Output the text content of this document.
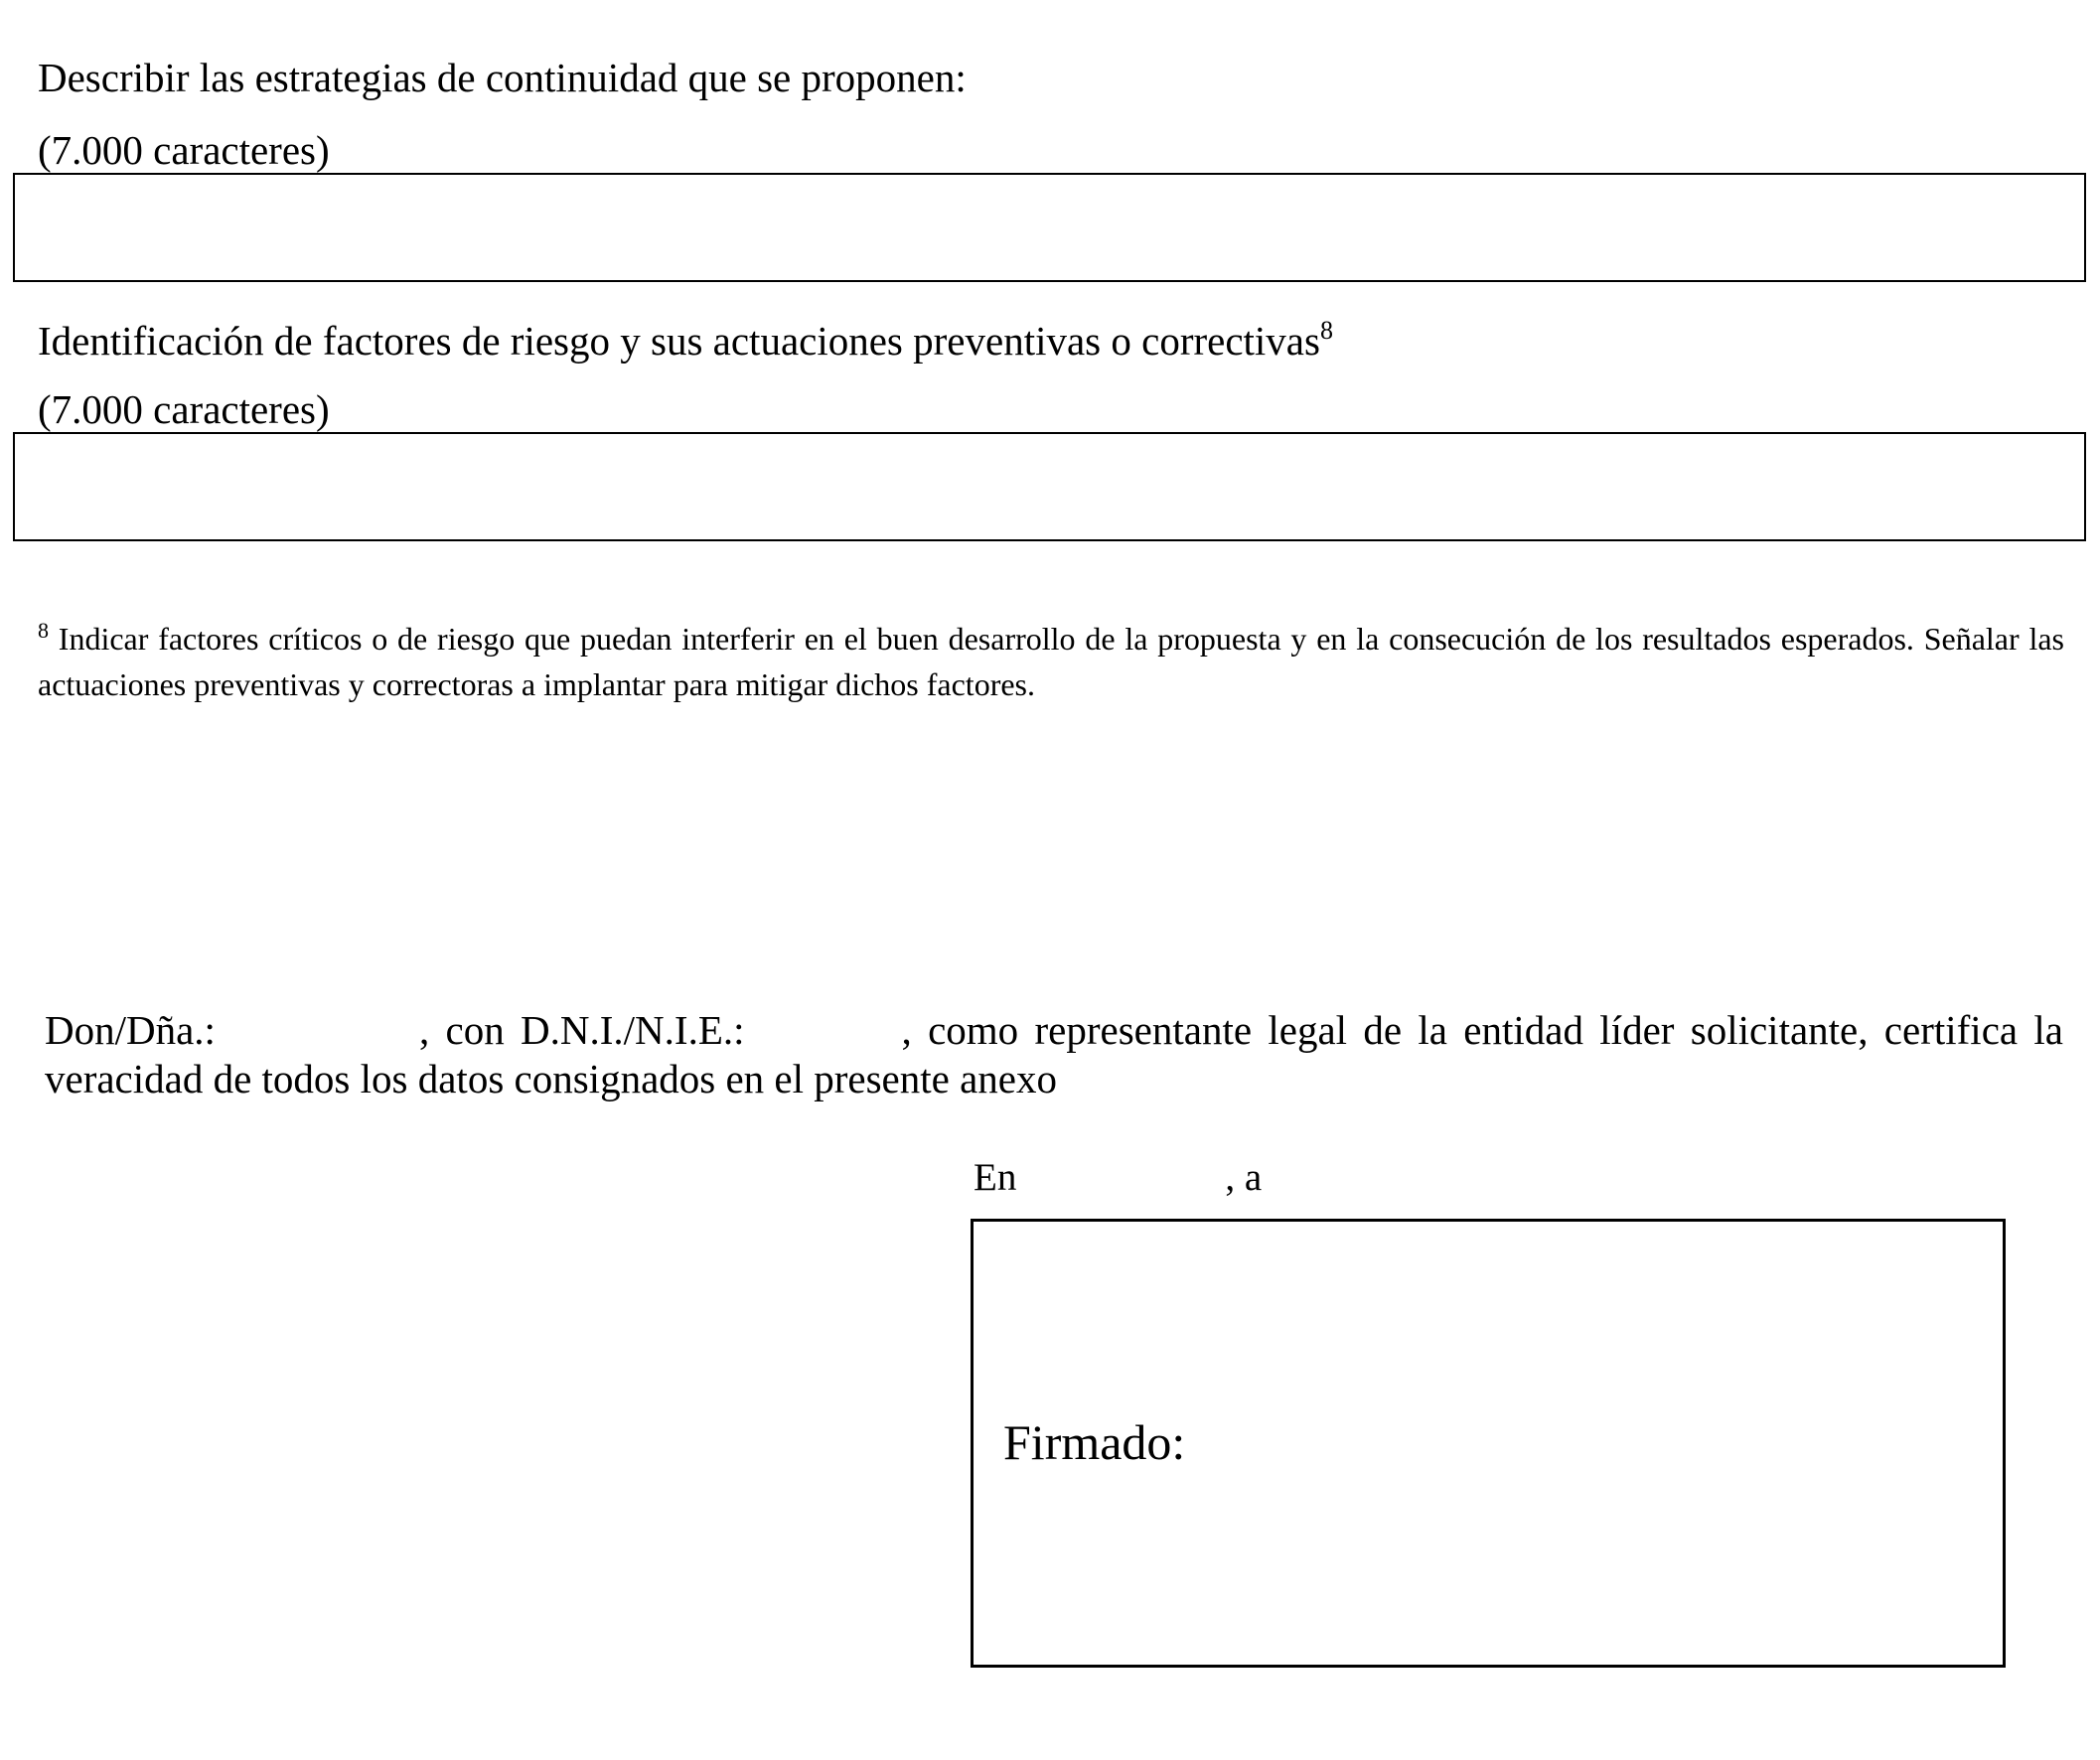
Describir las estrategias de continuidad que se proponen:
(7.000 caracteres)
Identificación de factores de riesgo y sus actuaciones preventivas o correctivas$^8$
(7.000 caracteres)
$^8$ Indicar factores críticos o de riesgo que puedan interferir en el buen desarrollo de la propuesta y en la consecución de los resultados esperados. Señalar las actuaciones preventivas y correctoras a implantar para mitigar dichos factores.
Don/Dña.:	, con D.N.I./N.I.E.:	, como representante legal de la entidad líder solicitante, certifica la veracidad de todos los datos consignados en el presente anexo
En	, a
Firmado:
